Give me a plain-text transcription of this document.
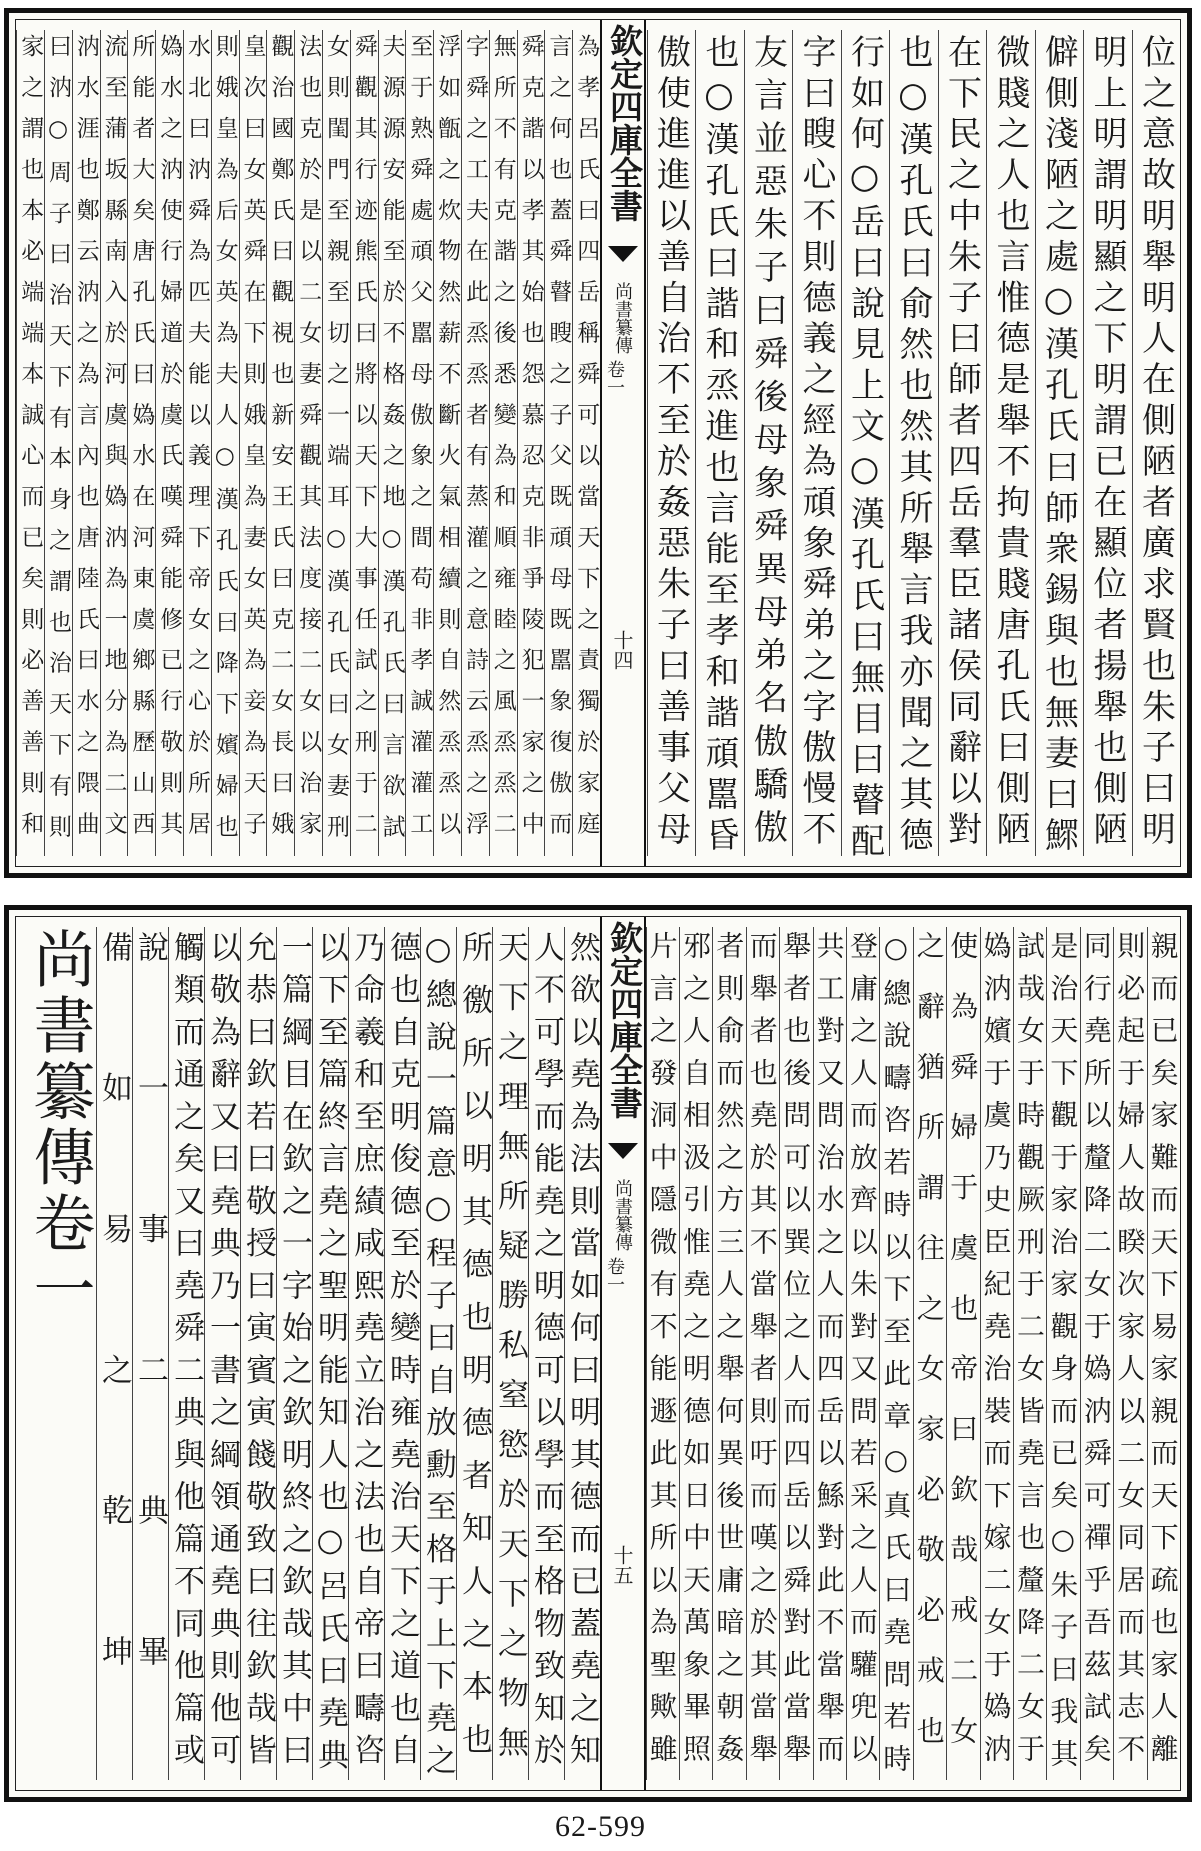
位之意故明舉明人在側陋者廣求賢也朱子曰明
明上明謂明顯之下明謂已在顯位者揚舉也側陋
僻側淺陋之處○漢孔氏曰師衆錫與也無妻曰鰥
微賤之人也言惟德是舉不拘貴賤唐孔氏曰側陋
在下民之中朱子曰師者四岳羣臣諸侯同辭以對
也○漢孔氏曰俞然也然其所舉言我亦聞之其德
行如何○岳曰說見上文○漢孔氏曰無目曰瞽配
字曰瞍心不則德義之經為頑象舜弟之字傲慢不
友言並惡朱子曰舜後母象舜異母弟名傲驕傲
也○漢孔氏曰諧和烝進也言能至孝和諧頑嚚昏
傲使進進以善自治不至於姦惡朱子曰善事父母
欽定四庫全書
尚書纂傳
卷一
十四
為孝呂氏曰四岳稱舜可以當天下之責獨於家庭
言之何也蓋舜瞽瞍之子父既頑母既嚚象復傲而
舜克諧以孝其始也怨慕忍克非爭陵犯一家之中
無所不有克諧之後悉變為和順雍睦之風烝烝二
字舜之工夫在此烝烝者有蒸灌之意詩云烝之浮
浮如甑之炊物然薪不斷火氣相續則自然烝烝以
至于熟舜處頑父嚚母傲象之間苟非孝誠灌灌工
夫源源安能至於不格姦之地○漢孔氏曰言欲試
舜觀其行迹熊氏曰將以天下大事任試之刑于二
女則閨門至親至切之一端耳○漢孔氏曰女妻刑
法也克於是以二女妻舜觀其法度接二女以治家
觀治國鄭氏曰觀視也新安王氏曰克二女長曰娥
皇次曰女英舜在下則娥皇為妻女英為妾為天子
則娥皇為后女英為夫人○漢孔氏曰降下嬪婦也
水北曰汭舜為匹夫能以義理下帝女之心於所居
媯水之汭使行婦道於虞氏嘆舜能修已行敬則其
所能者大矣唐孔氏曰媯水在河東虞鄉縣歷山西
流至蒲坂縣南入於河虞與媯汭為一地分為二文
汭水涯也鄭云汭之為言內也唐陸氏曰水之隈曲
曰汭○周子曰治天下有本身之謂也治天下有則
家之謂也本必端端本誠心而已矣則必善善則和
親而已矣家難而天下易家親而天下疏也家人離
則必起于婦人故睽次家人以二女同居而其志不
同行堯所以釐降二女于媯汭舜可禪乎吾茲試矣
是治天下觀于家治家觀身而已矣○朱子曰我其
試哉女于時觀厥刑于二女皆堯言也釐降二女于
媯汭嬪于虞乃史臣紀堯治裝而下嫁二女于媯汭
使為舜婦于虞也帝曰欽哉戒二女
之辭猶所謂往之女家必敬必戒也
○總說疇咨若時以下至此章○真氏曰堯問若時
登庸之人而放齊以朱對又問若采之人而驩兜以
共工對又問治水之人而四岳以鯀對此不當舉而
舉者也後問可以巽位之人而四岳以舜對此當舉
而舉者也堯於其不當舉者則吁而嘆之於其當舉
者則俞而然之方三人之舉何異後世庸暗之朝姦
邪之人自相汲引惟堯之明德如日中天萬象畢照
片言之發洞中隱微有不能遯此其所以為聖歟雖
欽定四庫全書
尚書纂傳
卷一
十五
然欲以堯為法則當如何曰明其德而已蓋堯之知
人不可學而能堯之明德可以學而至格物致知於
天下之理無所疑勝私窒慾於天下之物無
所徼所以明其德也明德者知人之本也
○總說一篇意○程子曰自放勳至格于上下堯之
德也自克明俊德至於變時雍堯治天下之道也自
乃命羲和至庶績咸熙堯立治之法也自帝曰疇咨
以下至篇終言堯之聖明能知人也○呂氏曰堯典
一篇綱目在欽之一字始之欽明終之欽哉其中曰
允恭曰欽若曰敬授曰寅賓寅餞敬致曰往欽哉皆
以敬為辭又曰堯典乃一書之綱領通堯典則他可
觸類而通之矣又曰堯舜二典與他篇不同他篇或
說一事二典畢
備如易之乾坤
尚書纂傳卷一
62-599
